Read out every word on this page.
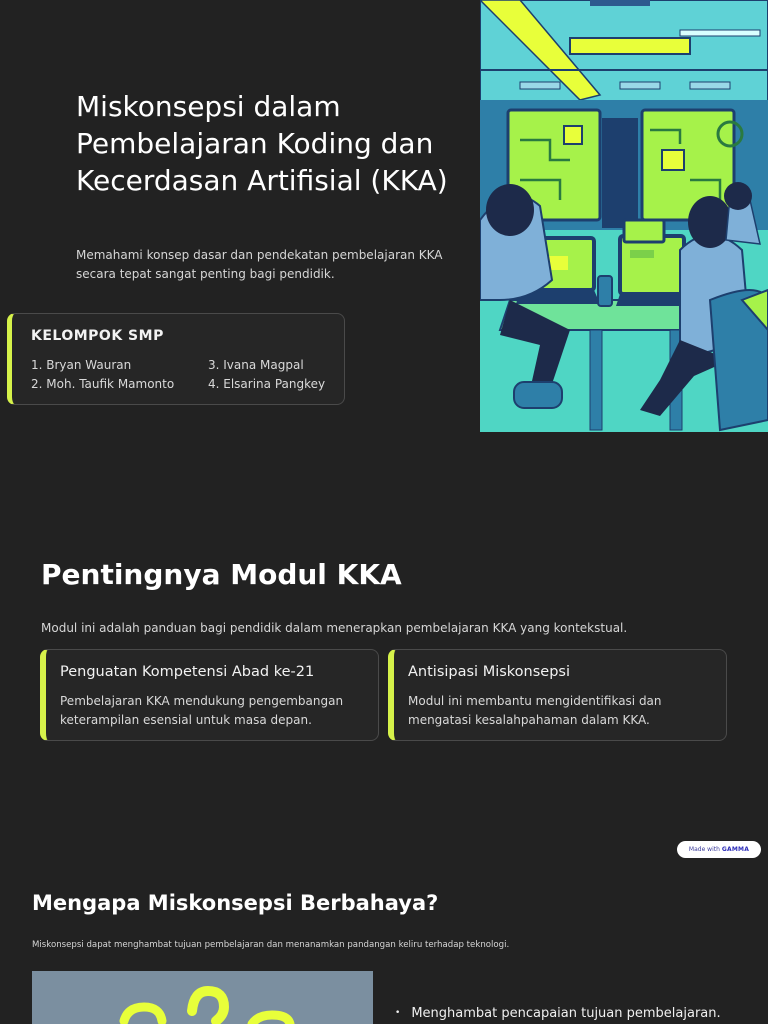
Miskonsepsi dalam Pembelajaran Koding dan Kecerdasan Artifisial (KKA)

Memahami konsep dasar dan pendekatan pembelajaran KKA secara tepat sangat penting bagi pendidik.

KELOMPOK SMP
1. Bryan Wauran
2. Moh. Taufik Mamonto
3. Ivana Magpal
4. Elsarina Pangkey
Pentingnya Modul KKA

Modul ini adalah panduan bagi pendidik dalam menerapkan pembelajaran KKA yang kontekstual.

Penguatan Kompetensi Abad ke-21
Pembelajaran KKA mendukung pengembangan keterampilan esensial untuk masa depan.
Antisipasi Miskonsepsi
Modul ini membantu mengidentifikasi dan mengatasi kesalahpahaman dalam KKA.
Made with GAMMA
Mengapa Miskonsepsi Berbahaya?

Miskonsepsi dapat menghambat tujuan pembelajaran dan menanamkan pandangan keliru terhadap teknologi.

• Menghambat pencapaian tujuan pembelajaran.
